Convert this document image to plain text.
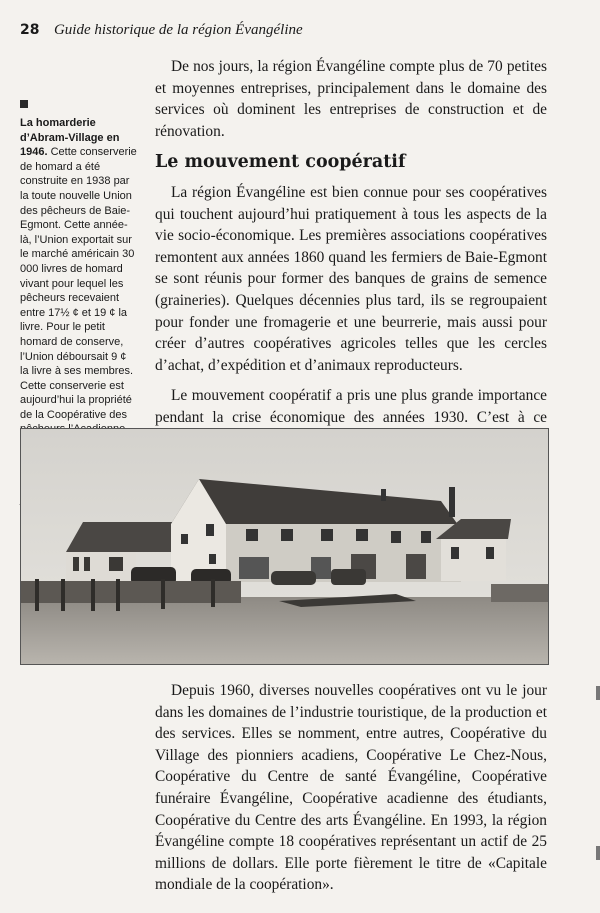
28 Guide historique de la région Évangéline
La homarderie d’Abram-Village en 1946. Cette conserverie de homard a été construite en 1938 par la toute nouvelle Union des pêcheurs de Baie-Egmont. Cette année-là, l’Union exportait sur le marché américain 30 000 livres de homard vivant pour lequel les pêcheurs recevaient entre 17½ ¢ et 19 ¢ la livre. Pour le petit homard de conserve, l’Union déboursait 9 ¢ la livre à ses membres. Cette conserverie est aujourd’hui la propriété de la Coopérative des

De nos jours, la région Évangéline compte plus de 70 petites et moyennes entreprises, principalement dans le domaine des services où dominent les entreprises de construction et de rénovation.

Le mouvement coopératif

La région Évangéline est bien connue pour ses coopératives qui touchent aujourd’hui pratiquement à tous les aspects de la vie socio-économique. Les premières associations coopératives remontent aux années 1860 quand les fermiers de Baie-Egmont se sont réunis pour former des banques de grains de semence (graineries). Quelques décennies plus tard, ils se regroupaient pour fonder une fromagerie et une beurrerie, mais aussi pour créer d’autres coopératives agricoles telles que les cercles d’achat, d’expédition et d’animaux reproducteurs.

Le mouvement coopératif a pris une plus grande importance pendant la crise économique des années 1930. C’est à ce

Depuis 1960, diverses nouvelles coopératives ont vu le jour dans les domaines de l’industrie touristique, de la production et des services. Elles se nomment, entre autres, Coopérative du Village des pionniers acadiens, Coopérative Le Chez-Nous, Coopérative du Centre de santé Évangéline, Coopérative funéraire Évangéline, Coopérative acadienne des étudiants, Coopérative du Centre des arts Évangéline. En 1993, la région Évangéline compte 18 coopératives représentant un actif de 25 millions de dollars. Elle porte fièrement le titre de «Capitale mondiale de la coopération».
